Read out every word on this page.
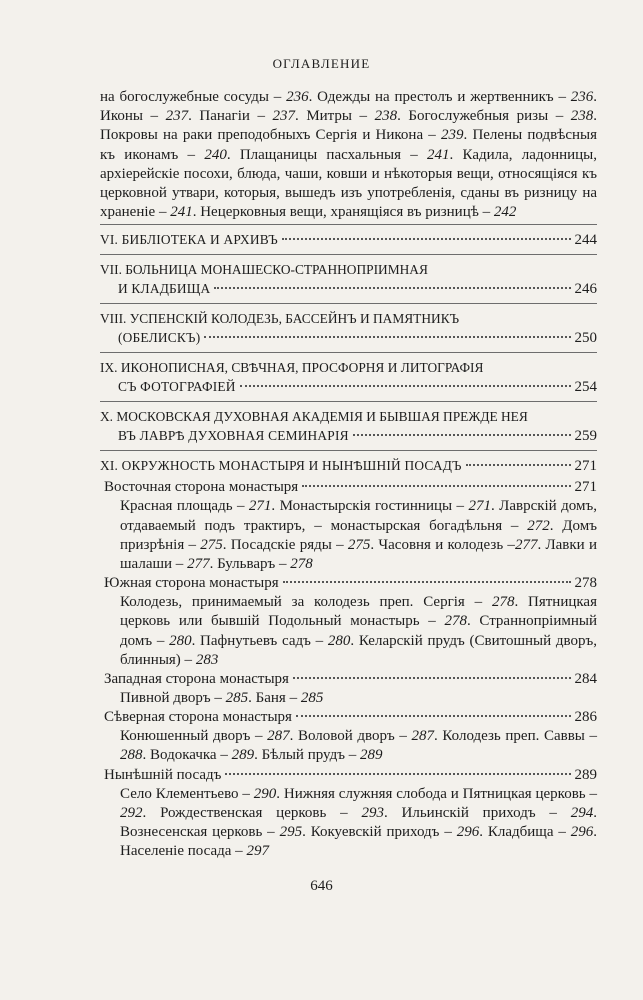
ОГЛАВЛЕНИЕ
на богослужебные сосуды – 236. Одежды на престолъ и жертвенникъ – 236. Иконы – 237. Панагiи – 237. Митры – 238. Богослужебныя ризы – 238. Покровы на раки преподобныхъ Сергiя и Никона – 239. Пелены подвѣсныя къ иконамъ – 240. Плащаницы пасхальныя – 241. Кадила, ладонницы, архiерейскiе посохи, блюда, чаши, ковши и нѣкоторыя вещи, относящiяся къ церковной утвари, которыя, вышедъ изъ употребленiя, сданы въ ризницу на храненiе – 241. Нецерковныя вещи, хранящiяся въ ризницѣ – 242
VI. БИБЛIОТЕКА И АРХИВЪ	244
VII. БОЛЬНИЦА МОНАШЕСКО-СТРАННОПРIИМНАЯ
И КЛАДБИЩА	246
VIII. УСПЕНСКIЙ КОЛОДЕЗЬ, БАССЕЙНЪ И ПАМЯТНИКЪ
(ОБЕЛИСКЪ)	250
IX. ИКОНОПИСНАЯ, СВѢЧНАЯ, ПРОСФОРНЯ И ЛИТОГРАФIЯ
СЪ ФОТОГРАФIЕЙ	254
X. МОСКОВСКАЯ ДУХОВНАЯ АКАДЕМIЯ И БЫВШАЯ ПРЕЖДЕ НЕЯ
ВЪ ЛАВРѢ ДУХОВНАЯ СЕМИНАРIЯ	259
XI. ОКРУЖНОСТЬ МОНАСТЫРЯ И НЫНѢШНIЙ ПОСАДЪ	271
Восточная сторона монастыря	271
Красная площадь – 271. Монастырскiя гостинницы – 271. Лаврскiй домъ, отдаваемый подъ трактиръ, – монастырская богадѣльня – 272. Домъ призрѣнiя – 275. Посадскiе ряды – 275. Часовня и колодезь –277. Лавки и шалаши – 277. Бульваръ – 278
Южная сторона монастыря	278
Колодезь, принимаемый за колодезь преп. Сергiя – 278. Пятницкая церковь или бывшiй Подольный монастырь – 278. Страннопрiимный домъ – 280. Пафнутьевъ садъ – 280. Келарскiй прудъ (Свитошный дворъ, блинныя) – 283
Западная сторона монастыря	284
Пивной дворъ – 285. Баня – 285
Сѣверная сторона монастыря	286
Конюшенный дворъ – 287. Воловой дворъ – 287. Колодезь преп. Саввы – 288. Водокачка – 289. Бѣлый прудъ – 289
Нынѣшнiй посадъ	289
Село Клементьево – 290. Нижняя служняя слобода и Пятницкая церковь – 292. Рождественская церковь – 293. Ильинскiй приходъ – 294. Вознесенская церковь – 295. Кокуевскiй приходъ – 296. Кладбища – 296. Населенiе посада – 297
646
